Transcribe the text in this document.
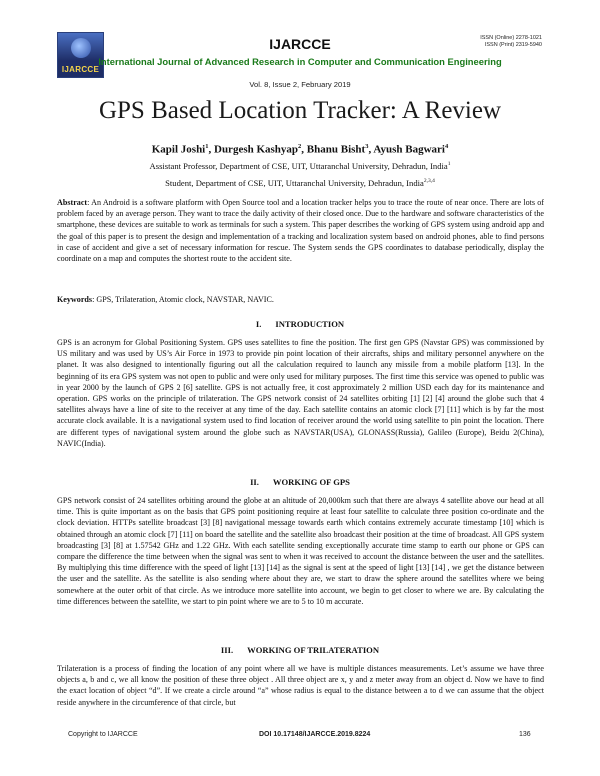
IJARCCE
IJARCCE	ISSN (Online) 2278-1021
ISSN (Print) 2319-5940
International Journal of Advanced Research in Computer and Communication Engineering
Vol. 8, Issue 2, February 2019
GPS Based Location Tracker: A Review
Kapil Joshi$^1$, Durgesh Kashyap$^2$, Bhanu Bisht$^3$, Ayush Bagwari$^4$
Assistant Professor, Department of CSE, UIT, Uttaranchal University, Dehradun, India$^1$
Student, Department of CSE, UIT, Uttaranchal University, Dehradun, India$^{2,3,4}$
Abstract: An Android is a software platform with Open Source tool and a location tracker helps you to trace the route of near once. There are lots of problem faced by an average person. They want to trace the daily activity of their closed once. Due to the hardware and software characteristics of the smartphone, these devices are suitable to work as terminals for such a system. This paper describes the working of GPS system using android app and the goal of this paper is to present the design and implementation of a tracking and localization system based on android phones, able to find persons in case of accident and give a set of necessary information for rescue. The System sends the GPS coordinates to database periodically, display the coordinate on a map and computes the shortest route to the accident site.
Keywords: GPS, Trilateration, Atomic clock, NAVSTAR, NAVIC.
I. INTRODUCTION
GPS is an acronym for Global Positioning System. GPS uses satellites to fine the position. The first gen GPS (Navstar GPS) was commissioned by US military and was used by US’s Air Force in 1973 to provide pin point location of their aircrafts, ships and military personnel anywhere on the planet. It was also designed to intentionally figuring out all the calculation required to launch any missile from a mobile platform [13]. In the beginning of its era GPS system was not open to public and were only used for military purposes. The first time this service was opened to public was in year 2000 by the launch of GPS 2 [6] satellite. GPS is not actually free, it cost approximately 2 million USD each day for its maintenance and operation. GPS works on the principle of trilateration. The GPS network consist of 24 satellites orbiting [1] [2] [4] around the globe such that 4 satellites always have a line of site to the receiver at any time of the day. Each satellite contains an atomic clock [7] [11] which is by far the most accurate clock available. It is a navigational system used to find location of receiver around the world using satellite to pin point the location. There are different types of navigational system around the globe such as NAVSTAR(USA), GLONASS(Russia), Galileo (Europe), Beidu 2(China), NAVIC(India).
II. WORKING OF GPS
GPS network consist of 24 satellites orbiting around the globe at an altitude of 20,000km such that there are always 4 satellite above our head at all time. This is quite important as on the basis that GPS point positioning require at least four satellite to calculate three position co-ordinate and the clock deviation. HTTPs satellite broadcast [3] [8] navigational message towards earth which contains extremely accurate timestamp [10] which is obtained through an atomic clock [7] [11] on board the satellite and the satellite also broadcast their position at the time of broadcast. All GPS system broadcasting [3] [8] at 1.57542 GHz and 1.22 GHz. With each satellite sending exceptionally accurate time stamp to earth our phone or GPS can compare the difference the time between when the signal was sent to when it was received to account the distance between the user and the satellites. By multiplying this time difference with the speed of light [13] [14] as the signal is sent at the speed of light [13] [14] , we get the distance between the user and the satellite. As the satellite is also sending where about they are, we start to draw the sphere around the satellites where we being somewhere at the outer orbit of that circle. As we introduce more satellite into account, we begin to get closer to where we are. By calculating the time differences between the satellite, we start to pin point where we are to 5 to 10 m accurate.
III. WORKING OF TRILATERATION
Trilateration is a process of finding the location of any point where all we have is multiple distances measurements. Let’s assume we have three objects a, b and c, we all know the position of these three object . All three object are x, y and z meter away from an object d. Now we have to find the exact location of object “d”. If we create a circle around “a” whose radius is equal to the distance between a to d we can assume that the object reside anywhere in the circumference of that circle, but
Copyright to IJARCCE	DOI 10.17148/IJARCCE.2019.8224	136
